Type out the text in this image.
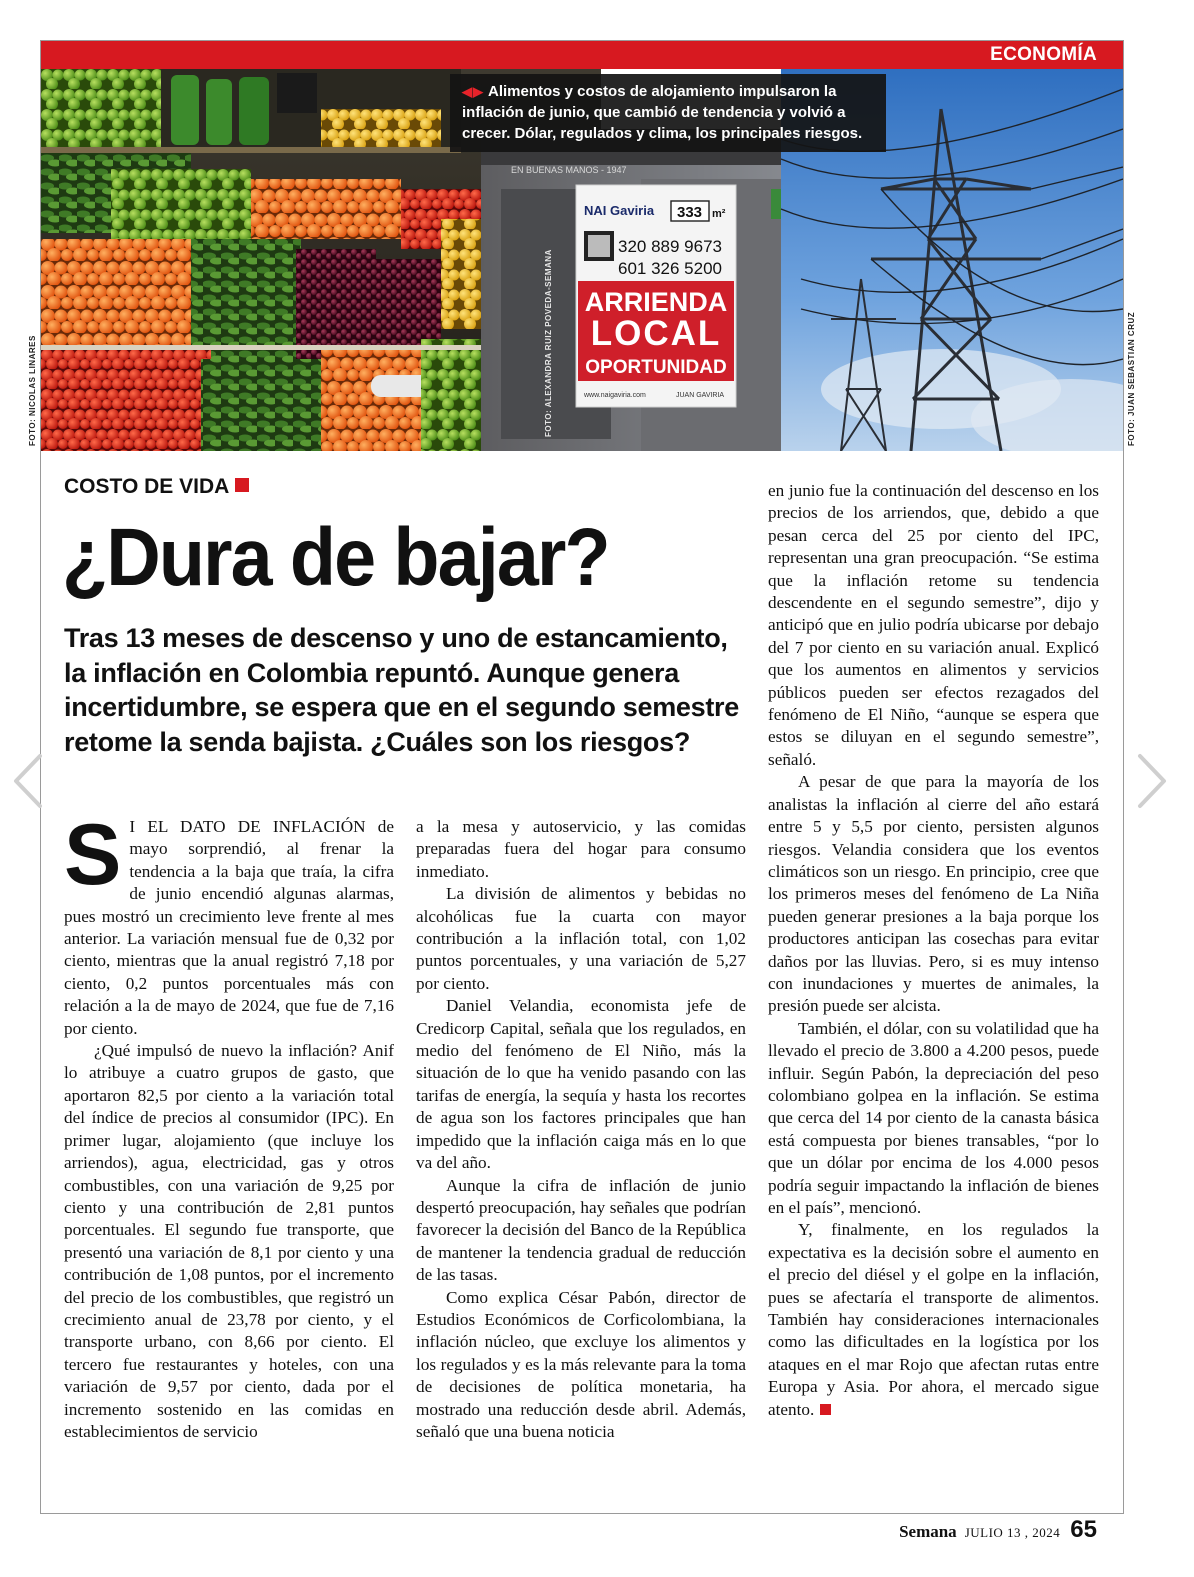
ECONOMÍA
EN BUENAS MANOS - 1947
NAI Gaviria 333 m²
320 889 9673
601 326 5200
ARRIENDA
LOCAL
OPORTUNIDAD
www.naigaviria.com	JUAN GAVIRIA
◀▶ Alimentos y costos de alojamiento impulsaron la inflación de junio, que cambió de tendencia y volvió a crecer. Dólar, regulados y clima, los principales riesgos.
FOTO: ALEXANDRA RUIZ POVEDA-SEMANA
FOTO: NICOLAS LINARES	FOTO: JUAN SEBASTIAN CRUZ
COSTO DE VIDA
¿Dura de bajar?
Tras 13 meses de descenso y uno de estancamiento, la inflación en Colombia repuntó. Aunque genera incertidumbre, se espera que en el segundo semestre retome la senda bajista. ¿Cuáles son los riesgos?

S I EL DATO DE INFLACIÓN de mayo sorprendió, al frenar la tendencia a la baja que traía, la cifra de junio encendió algunas alarmas, pues mostró un crecimiento leve frente al mes anterior. La variación mensual fue de 0,32 por ciento, mientras que la anual registró 7,18 por ciento, 0,2 puntos porcentuales más con relación a la de mayo de 2024, que fue de 7,16 por ciento.

¿Qué impulsó de nuevo la inflación? Anif lo atribuye a cuatro grupos de gasto, que aportaron 82,5 por ciento a la variación total del índice de precios al consumidor (IPC). En primer lugar, alojamiento (que incluye los arriendos), agua, electricidad, gas y otros combustibles, con una variación de 9,25 por ciento y una contribución de 2,81 puntos porcentuales. El segundo fue transporte, que presentó una variación de 8,1 por ciento y una contribución de 1,08 puntos, por el incremento del precio de los combustibles, que registró un crecimiento anual de 23,78 por ciento, y el transporte urbano, con 8,66 por ciento. El tercero fue restaurantes y hoteles, con una variación de 9,57 por ciento, dada por el incremento sostenido en las comidas en establecimientos de servicio

a la mesa y autoservicio, y las comidas preparadas fuera del hogar para consumo inmediato.

La división de alimentos y bebidas no alcohólicas fue la cuarta con mayor contribución a la inflación total, con 1,02 puntos porcentuales, y una variación de 5,27 por ciento.

Daniel Velandia, economista jefe de Credicorp Capital, señala que los regulados, en medio del fenómeno de El Niño, más la situación de lo que ha venido pasando con las tarifas de energía, la sequía y hasta los recortes de agua son los factores principales que han impedido que la inflación caiga más en lo que va del año.

Aunque la cifra de inflación de junio despertó preocupación, hay señales que podrían favorecer la decisión del Banco de la República de mantener la tendencia gradual de reducción de las tasas.

Como explica César Pabón, director de Estudios Económicos de Corficolombiana, la inflación núcleo, que excluye los alimentos y los regulados y es la más relevante para la toma de decisiones de política monetaria, ha mostrado una reducción desde abril. Además, señaló que una buena noticia

en junio fue la continuación del descenso en los precios de los arriendos, que, debido a que pesan cerca del 25 por ciento del IPC, representan una gran preocupación. “Se estima que la inflación retome su tendencia descendente en el segundo semestre”, dijo y anticipó que en julio podría ubicarse por debajo del 7 por ciento en su variación anual. Explicó que los aumentos en alimentos y servicios públicos pueden ser efectos rezagados del fenómeno de El Niño, “aunque se espera que estos se diluyan en el segundo semestre”, señaló.

A pesar de que para la mayoría de los analistas la inflación al cierre del año estará entre 5 y 5,5 por ciento, persisten algunos riesgos. Velandia considera que los eventos climáticos son un riesgo. En principio, cree que los primeros meses del fenómeno de La Niña pueden generar presiones a la baja porque los productores anticipan las cosechas para evitar daños por las lluvias. Pero, si es muy intenso con inundaciones y muertes de animales, la presión puede ser alcista.

También, el dólar, con su volatilidad que ha llevado el precio de 3.800 a 4.200 pesos, puede influir. Según Pabón, la depreciación del peso colombiano golpea en la inflación. Se estima que cerca del 14 por ciento de la canasta básica está compuesta por bienes transables, “por lo que un dólar por encima de los 4.000 pesos podría seguir impactando la inflación de bienes en el país”, mencionó.

Y, finalmente, en los regulados la expectativa es la decisión sobre el aumento en el precio del diésel y el golpe en la inflación, pues se afectaría el transporte de alimentos. También hay consideraciones internacionales como las dificultades en la logística por los ataques en el mar Rojo que afectan rutas entre Europa y Asia. Por ahora, el mercado sigue atento.

Semana JULIO 13 , 2024 65
